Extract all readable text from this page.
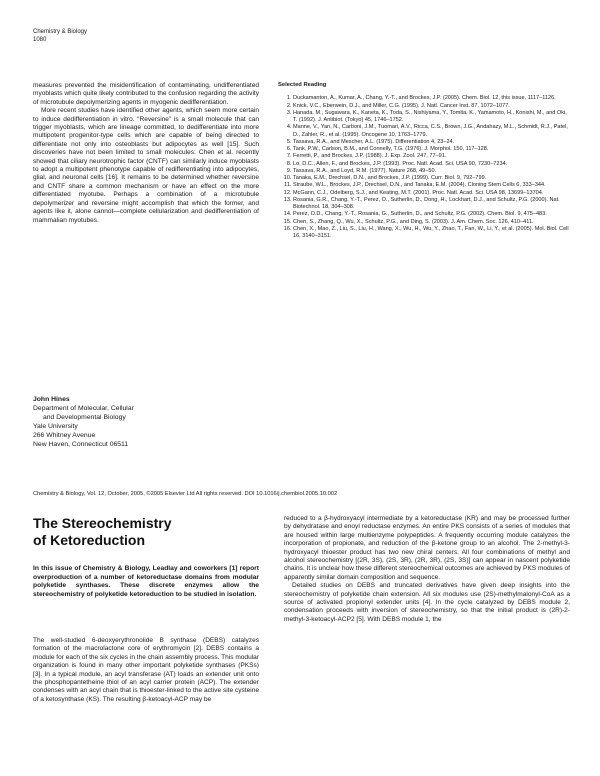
Chemistry & Biology
1080

measures prevented the misidentification of contaminating, undifferentiated myoblasts which quite likely contributed to the confusion regarding the activity of microtubule depolymerizing agents in myogenic dedifferentiation.

More recent studies have identified other agents, which seem more certain to induce dedifferentiation in vitro. “Reversine” is a small molecule that can trigger myoblasts, which are lineage committed, to dedifferentiate into more multipotent progenitor-type cells which are capable of being directed to differentiate not only into osteoblasts but adipocytes as well [15]. Such discoveries have not been limited to small molecules: Chen et al. recently showed that ciliary neurotrophic factor (CNTF) can similarly induce myoblasts to adopt a multipotent phenotype capable of redifferentiating into adipocytes, glial, and neuronal cells [16]. It remains to be determined whether reversine and CNTF share a common mechanism or have an effect on the more differentiated myotube. Perhaps a combination of a microtubule depolymerizer and reversine might accomplish that which the former, and agents like it, alone cannot—complete cellularization and dedifferentiation of mammalian myotubes.

John Hines
Department of Molecular, Cellular
and Developmental Biology
Yale University
266 Whitney Avenue
New Haven, Connecticut 06511
Selected Reading
1. Duckamanton, A., Kumar, A., Chang, Y.-T., and Brockes, J.P. (2005). Chem. Biol. 12, this issue, 1117–1126.
2. Knick, V.C., Eberwein, D.J., and Miller, C.G. (1995). J. Natl. Cancer Inst. 87, 1072–1077.
3. Hanada, M., Sugawara, K., Kaneta, K., Toda, S., Nishiyama, Y., Tomita, K., Yamamoto, H., Konishi, M., and Oki, T. (1992). J. Antibiot. (Tokyo) 45, 1746–1752.
4. Manne, V., Yan, N., Carboni, J.M., Tuomari, A.V., Ricca, C.S., Brown, J.G., Andahazy, M.L., Schmidt, R.J., Patel, D., Zahler, R., et al. (1995). Oncogene 10, 1763–1779.
5. Tassava, R.A., and Mescher, A.L. (1975). Differentiation 4, 23–24.
6. Tank, P.W., Carlson, B.M., and Connelly, T.G. (1976). J. Morphol. 150, 117–128.
7. Ferretti, P., and Brockes, J.P. (1988). J. Exp. Zool. 247, 77–91.
8. Lo, D.C., Allen, F., and Brockes, J.P. (1993). Proc. Natl. Acad. Sci. USA 90, 7230–7234.
9. Tassava, R.A., and Loyd, R.M. (1977). Nature 268, 49–50.
10. Tanaka, E.M., Drechsel, D.N., and Brockes, J.P. (1999). Curr. Biol. 9, 792–799.
11. Straube, W.L., Brockes, J.P., Drechsel, D.N., and Tanaka, E.M. (2004). Cloning Stem Cells 6, 333–344.
12. McGann, C.J., Odelberg, S.J., and Keating, M.T. (2001). Proc. Natl. Acad. Sci. USA 98, 13699–13704.
13. Rosania, G.R., Chang, Y.-T., Perez, O., Sutherlin, D., Dong, H., Lockhart, D.J., and Schultz, P.G. (2000). Nat. Biotechnol. 18, 304–308.
14. Perez, O.D., Chang, Y.-T., Rosania, G., Sutherlin, D., and Schultz, P.G. (2002). Chem. Biol. 9, 475–483.
15. Chen, S., Zhang, Q., Wu, X., Schultz, P.G., and Ding, S. (2003). J. Am. Chem. Soc. 126, 410–411.
16. Chen, X., Mao, Z., Liu, S., Liu, H., Wang, X., Wu, H., Wu, Y., Zhao, T., Fan, W., Li, Y., et al. (2005). Mol. Biol. Cell 16, 3140–3151.
Chemistry & Biology, Vol. 12, October, 2005, ©2005 Elsevier Ltd All rights reserved. DOI 10.1016/j.chembiol.2005.10.002
The Stereochemistry
of Ketoreduction
In this issue of Chemistry & Biology, Leadlay and coworkers [1] report overproduction of a number of ketoreductase domains from modular polyketide synthases. These discrete enzymes allow the stereochemistry of polyketide ketoreduction to be studied in isolation.

The well-studied 6-deoxyerythronolide B synthase (DEBS) catalyzes formation of the macrolactone core of erythromycin [2]. DEBS contains a module for each of the six cycles in the chain assembly process. This modular organization is found in many other important polyketide synthases (PKSs) [3]. In a typical module, an acyl transferase (AT) loads an extender unit onto the phosphopantetheine thiol of an acyl carrier protein (ACP). The extender condenses with an acyl chain that is thioester-linked to the active site cysteine of a ketosynthase (KS). The resulting β-ketoacyl-ACP may be

reduced to a β-hydroxyacyl intermediate by a ketoreductase (KR) and may be processed further by dehydratase and enoyl reductase enzymes. An entire PKS consists of a series of modules that are housed within large multienzyme polypeptides. A frequently occurring module catalyzes the incorporation of propionate, and reduction of the β-ketone group to an alcohol. The 2-methyl-3-hydroxyacyl thioester product has two new chiral centers. All four combinations of methyl and alcohol stereochemistry [(2R, 3S), (2S, 3R), (2R, 3R), (2S, 3S)] can appear in nascent polyketide chains. It is unclear how these different stereochemical outcomes are achieved by PKS modules of apparently similar domain composition and sequence.

Detailed studies on DEBS and truncated derivatives have given deep insights into the stereochemistry of polyketide chain extension. All six modules use (2S)-methylmalonyl-CoA as a source of activated propionyl extender units [4]. In the cycle catalyzed by DEBS module 2, condensation proceeds with inversion of stereochemistry, so that the initial product is (2R)-2-methyl-3-ketoacyl-ACP2 [5]. With DEBS module 1, the
